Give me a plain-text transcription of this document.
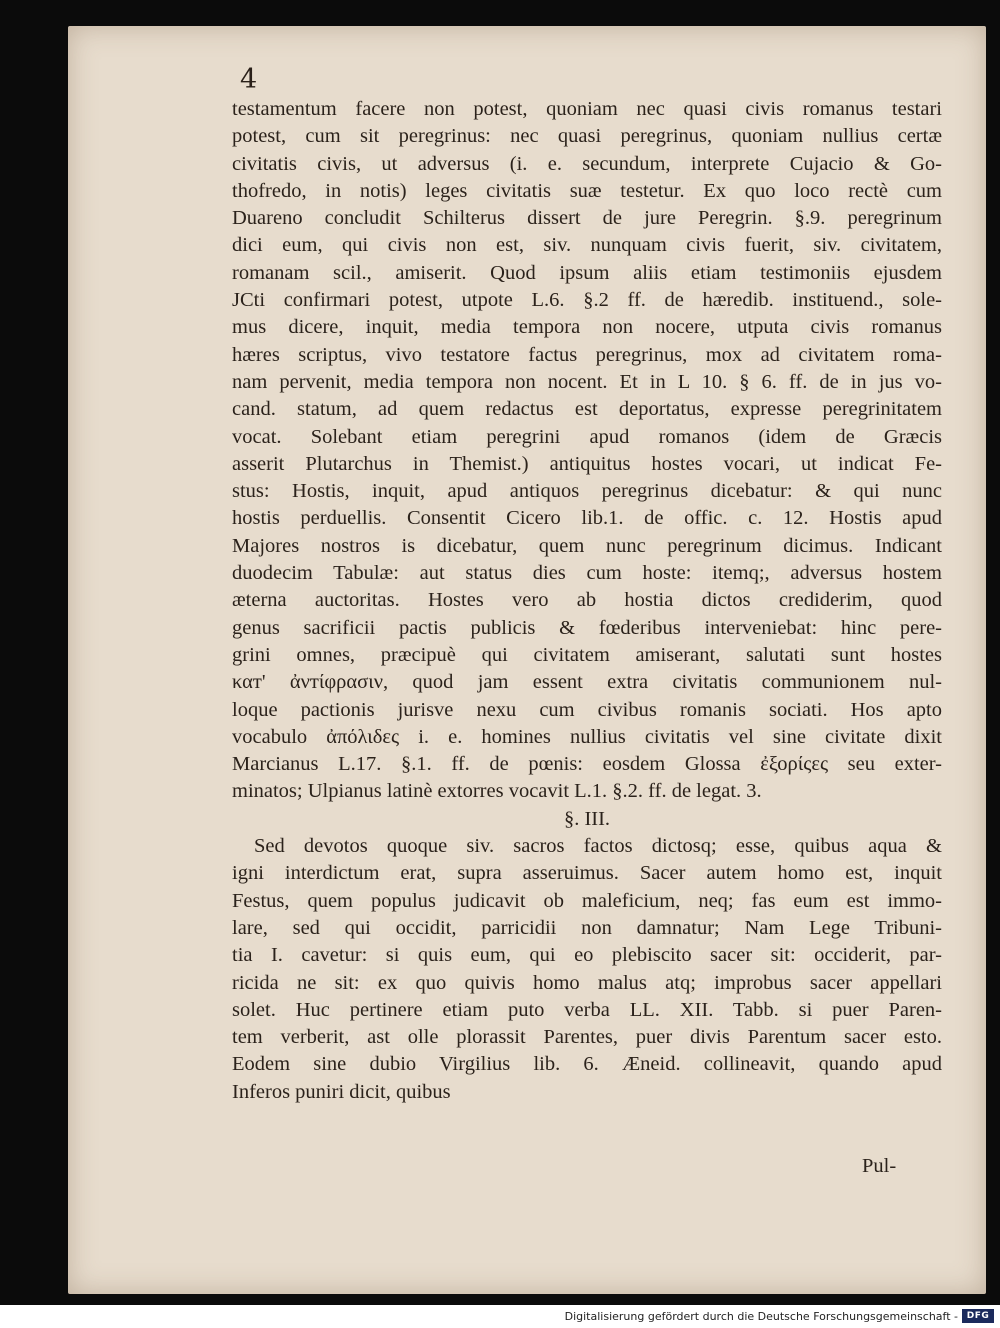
4
testamentum facere non potest, quoniam nec quasi civis romanus testari
potest, cum sit peregrinus: nec quasi peregrinus, quoniam nullius certæ
civitatis civis, ut adversus (i. e. secundum, interprete Cujacio & Go-
thofredo, in notis) leges civitatis suæ testetur. Ex quo loco rectè cum
Duareno concludit Schilterus dissert de jure Peregrin. §.9. peregrinum
dici eum, qui civis non est, siv. nunquam civis fuerit, siv. civitatem,
romanam scil., amiserit. Quod ipsum aliis etiam testimoniis ejusdem
JCti confirmari potest, utpote L.6. §.2 ff. de hæredib. instituend., sole-
mus dicere, inquit, media tempora non nocere, utputa civis romanus
hæres scriptus, vivo testatore factus peregrinus, mox ad civitatem roma-
nam pervenit, media tempora non nocent. Et in L 10. § 6. ff. de in jus vo-
cand. statum, ad quem redactus est deportatus, expresse peregrinitatem
vocat. Solebant etiam peregrini apud romanos (idem de Græcis
asserit Plutarchus in Themist.) antiquitus hostes vocari, ut indicat Fe-
stus: Hostis, inquit, apud antiquos peregrinus dicebatur: & qui nunc
hostis perduellis. Consentit Cicero lib.1. de offic. c. 12. Hostis apud
Majores nostros is dicebatur, quem nunc peregrinum dicimus. Indicant
duodecim Tabulæ: aut status dies cum hoste: itemq;, adversus hostem
æterna auctoritas. Hostes vero ab hostia dictos crediderim, quod
genus sacrificii pactis publicis & fœderibus interveniebat: hinc pere-
grini omnes, præcipuè qui civitatem amiserant, salutati sunt hostes
καт' ἀνтίφρασιν, quod jam essent extra civitatis communionem nul-
loque pactionis jurisve nexu cum civibus romanis sociati. Hos apto
vocabulo ἀπόλιδες i. e. homines nullius civitatis vel sine civitate dixit
Marcianus L.17. §.1. ff. de pœnis: eosdem Glossa ἐξορίςες seu exter-
minatos; Ulpianus latinè extorres vocavit L.1. §.2. ff. de legat. 3.
§. III.
Sed devotos quoque siv. sacros factos dictosq; esse, quibus aqua &
igni interdictum erat, supra asseruimus. Sacer autem homo est, inquit
Festus, quem populus judicavit ob maleficium, neq; fas eum est immo-
lare, sed qui occidit, parricidii non damnatur; Nam Lege Tribuni-
tia I. cavetur: si quis eum, qui eo plebiscito sacer sit: occiderit, par-
ricida ne sit: ex quo quivis homo malus atq; improbus sacer appellari
solet. Huc pertinere etiam puto verba LL. XII. Tabb. si puer Paren-
tem verberit, ast olle plorassit Parentes, puer divis Parentum sacer esto.
Eodem sine dubio Virgilius lib. 6. Æneid. collineavit, quando apud
Inferos puniri dicit, quibus
Pul-
Digitalisierung gefördert durch die Deutsche Forschungsgemeinschaft - DFG
